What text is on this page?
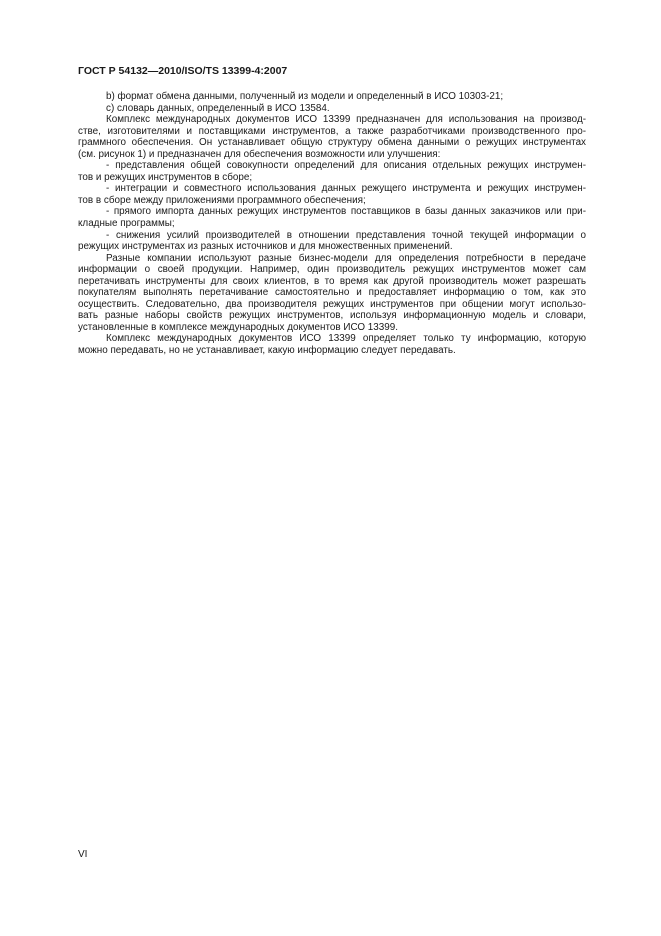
ГОСТ Р 54132—2010/ISO/TS 13399-4:2007
b) формат обмена данными, полученный из модели и определенный в ИСО 10303-21;
c) словарь данных, определенный в ИСО 13584.
Комплекс международных документов ИСО 13399 предназначен для использования на производ-
стве, изготовителями и поставщиками инструментов, а также разработчиками производственного про-
граммного обеспечения. Он устанавливает общую структуру обмена данными о режущих инструментах
(см. рисунок 1) и предназначен для обеспечения возможности или улучшения:
- представления общей совокупности определений для описания отдельных режущих инструмен-
тов и режущих инструментов в сборе;
- интеграции и совместного использования данных режущего инструмента и режущих инструмен-
тов в сборе между приложениями программного обеспечения;
- прямого импорта данных режущих инструментов поставщиков в базы данных заказчиков или при-
кладные программы;
- снижения усилий производителей в отношении представления точной текущей информации о
режущих инструментах из разных источников и для множественных применений.
Разные компании используют разные бизнес-модели для определения потребности в передаче
информации о своей продукции. Например, один производитель режущих инструментов может сам
перетачивать инструменты для своих клиентов, в то время как другой производитель может разрешать
покупателям выполнять перетачивание самостоятельно и предоставляет информацию о том, как это
осуществить. Следовательно, два производителя режущих инструментов при общении могут использо-
вать разные наборы свойств режущих инструментов, используя информационную модель и словари,
установленные в комплексе международных документов ИСО 13399.
Комплекс международных документов ИСО 13399 определяет только ту информацию, которую
можно передавать, но не устанавливает, какую информацию следует передавать.
VI
